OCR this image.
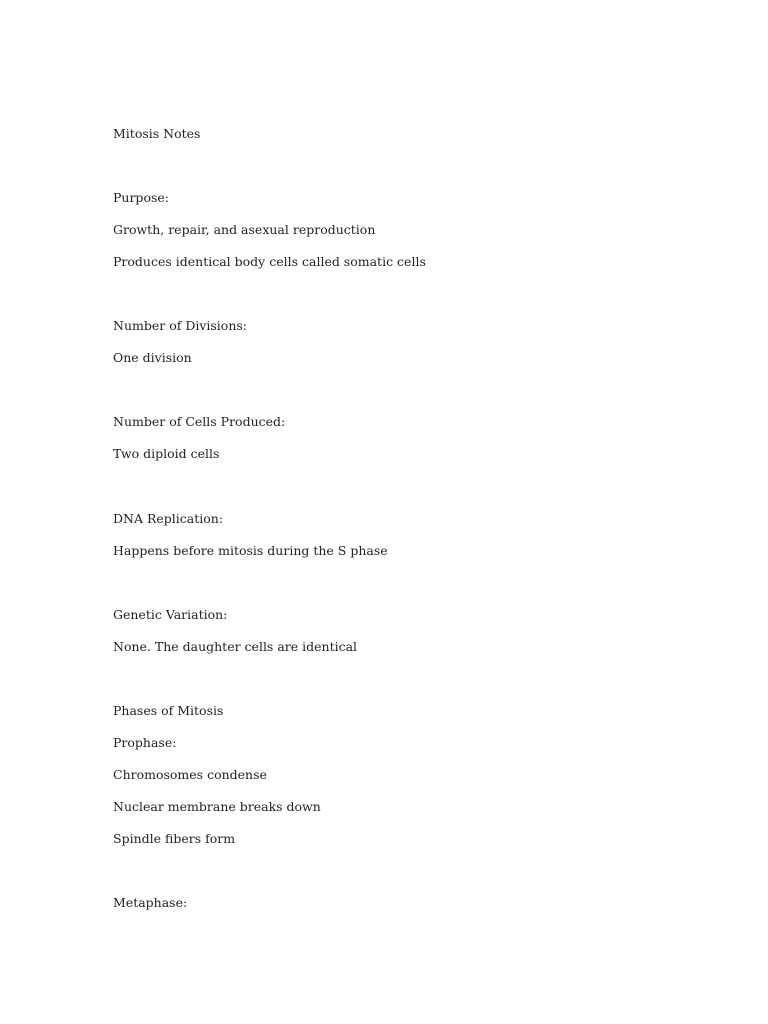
Mitosis Notes

Purpose:

Growth, repair, and asexual reproduction

Produces identical body cells called somatic cells

Number of Divisions:

One division

Number of Cells Produced:

Two diploid cells

DNA Replication:

Happens before mitosis during the S phase

Genetic Variation:

None. The daughter cells are identical

Phases of Mitosis

Prophase:

Chromosomes condense

Nuclear membrane breaks down

Spindle fibers form

Metaphase:
